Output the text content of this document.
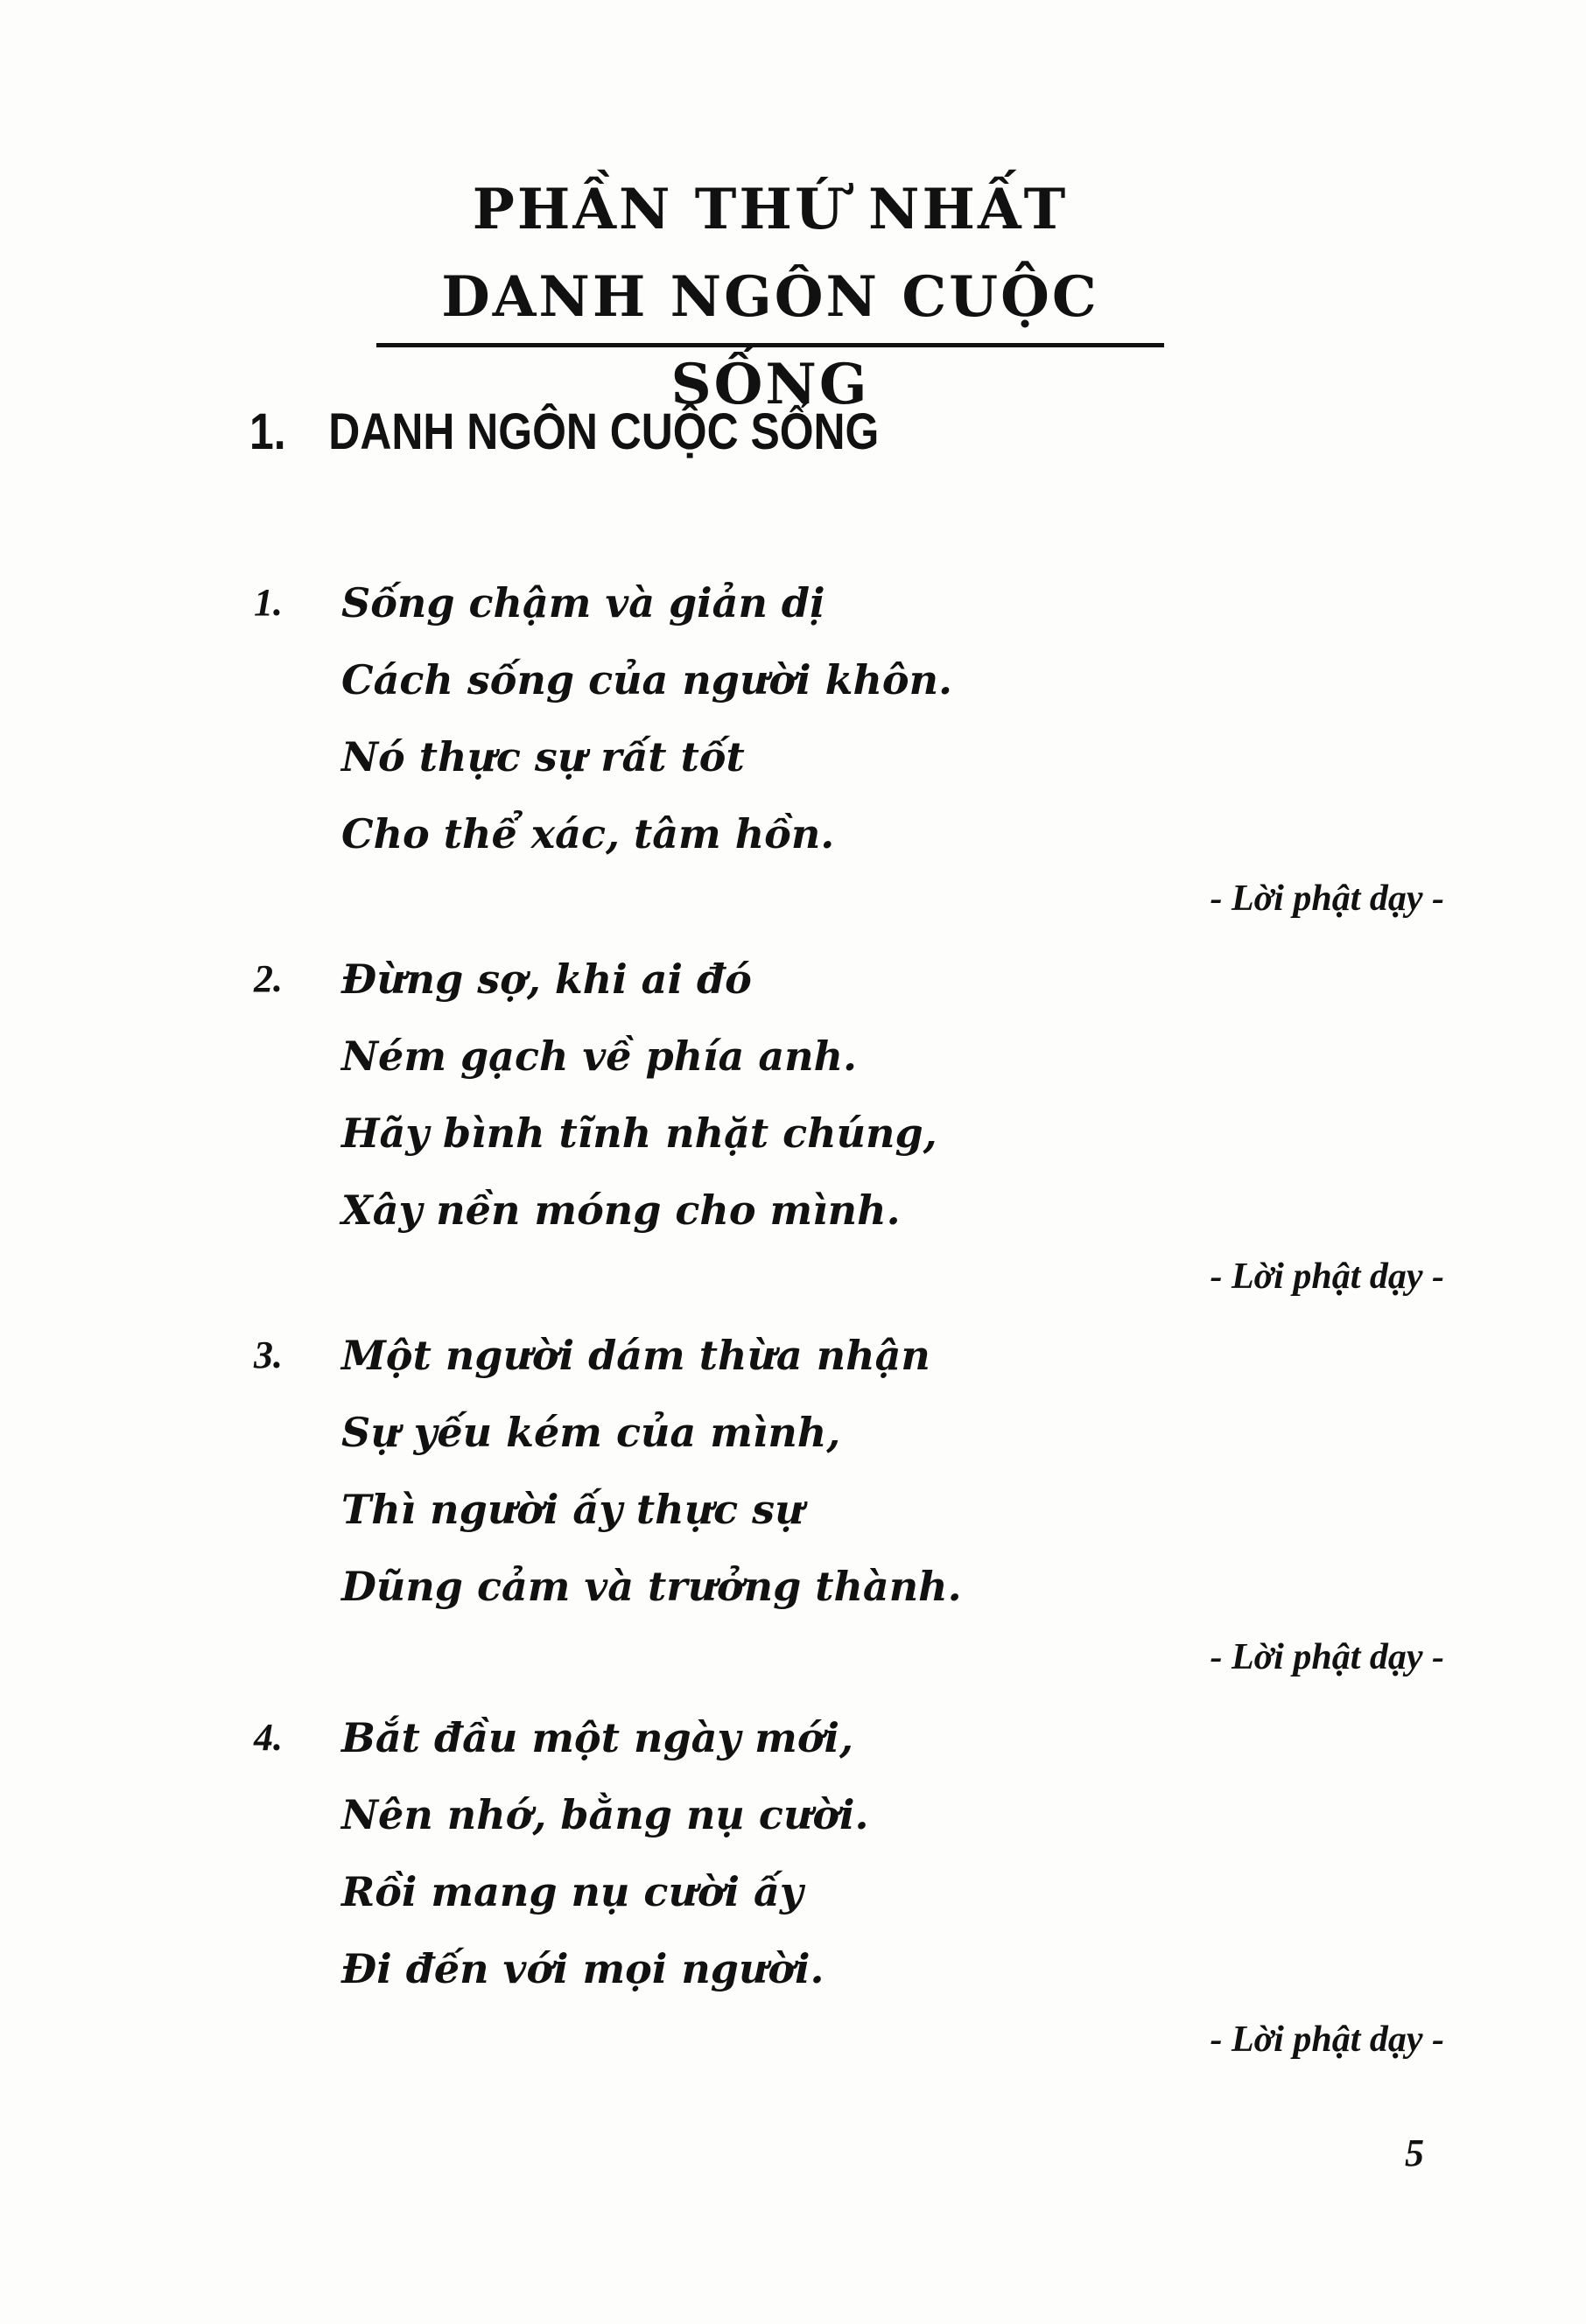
PHẦN THỨ NHẤT
DANH NGÔN CUỘC SỐNG
1. DANH NGÔN CUỘC SỐNG
1. Sống chậm và giản dị
Cách sống của người khôn.
Nó thực sự rất tốt
Cho thể xác, tâm hồn.
- Lời phật dạy -
2. Đừng sợ, khi ai đó
Ném gạch về phía anh.
Hãy bình tĩnh nhặt chúng,
Xây nền móng cho mình.
- Lời phật dạy -
3. Một người dám thừa nhận
Sự yếu kém của mình,
Thì người ấy thực sự
Dũng cảm và trưởng thành.
- Lời phật dạy -
4. Bắt đầu một ngày mới,
Nên nhớ, bằng nụ cười.
Rồi mang nụ cười ấy
Đi đến với mọi người.
- Lời phật dạy -
5
